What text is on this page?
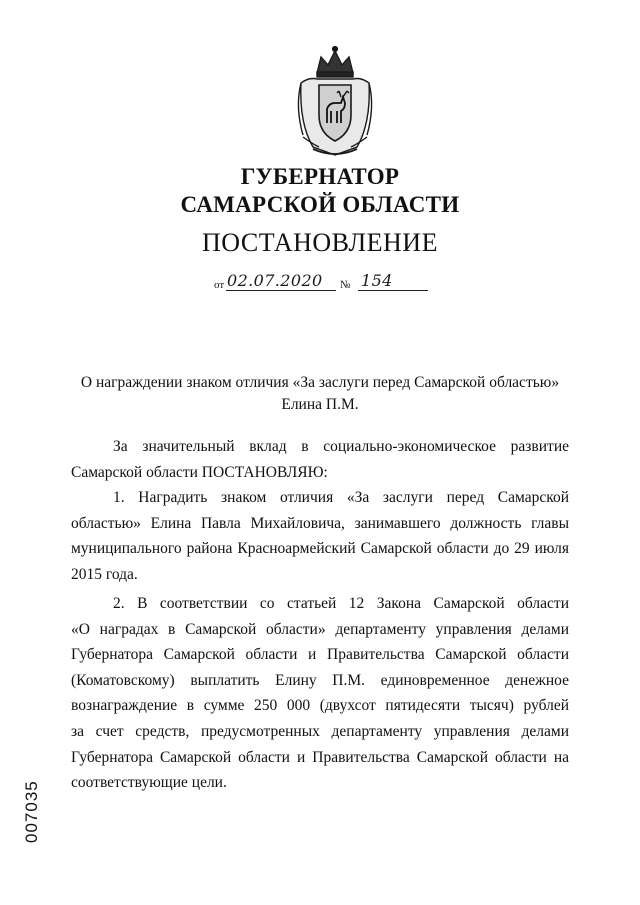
ГУБЕРНАТОР
САМАРСКОЙ ОБЛАСТИ
ПОСТАНОВЛЕНИЕ
от 02.07.2020 № 154
О награждении знаком отличия «За заслуги перед Самарской областью»
Елина П.М.

За значительный вклад в социально-экономическое развитие

Самарской области ПОСТАНОВЛЯЮ:

1. Наградить знаком отличия «За заслуги перед Самарской

областью» Елина Павла Михайловича, занимавшего должность главы

муниципального района Красноармейский Самарской области до 29 июля

2015 года.

2. В соответствии со статьей 12 Закона Самарской области

«О наградах в Самарской области» департаменту управления делами

Губернатора Самарской области и Правительства Самарской области

(Коматовскому) выплатить Елину П.М. единовременное денежное

вознаграждение в сумме 250 000 (двухсот пятидесяти тысяч) рублей

за счет средств, предусмотренных департаменту управления делами

Губернатора Самарской области и Правительства Самарской области на

соответствующие цели.

007035
